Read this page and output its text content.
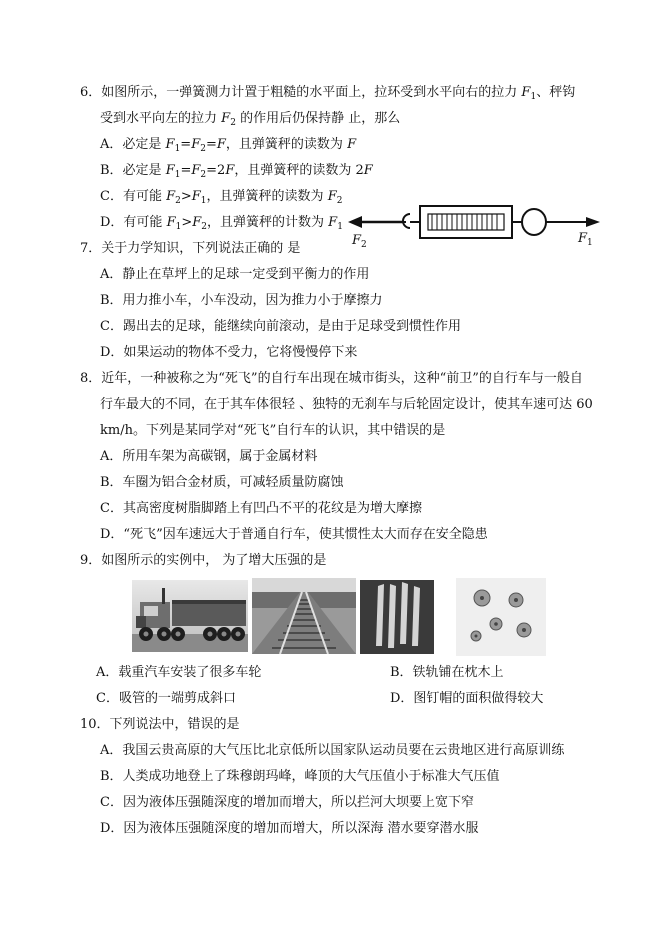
6．如图所示，一弹簧测力计置于粗糙的水平面上，拉环受到水平向右的拉力 $F_1$、秤钩
受到水平向左的拉力 $F_2$ 的作用后仍保持静 止，那么
A．必定是 $F_1=F_2=F$，且弹簧秤的读数为 F
B．必定是 $F_1=F_2=2F$，且弹簧秤的读数为 2F
C．有可能 $F_2>F_1$，且弹簧秤的读数为 $F_2$
D．有可能 $F_1>F_2$，且弹簧秤的计数为 $F_1$
$F_2$	$F_1$
7．关于力学知识，下列说法正确的 是
A．静止在草坪上的足球一定受到平衡力的作用
B．用力推小车，小车没动，因为推力小于摩擦力
C．踢出去的足球，能继续向前滚动，是由于足球受到惯性作用
D．如果运动的物体不受力，它将慢慢停下来
8．近年，一种被称之为“死飞”的自行车出现在城市街头，这种“前卫”的自行车与一般自
行车最大的不同，在于其车体很轻 、独特的无刹车与后轮固定设计，使其车速可达 60
km/h。下列是某同学对“死飞”自行车的认识，其中错误的是
A．所用车架为高碳钢，属于金属材料
B．车圈为铝合金材质，可减轻质量防腐蚀
C．其高密度树脂脚踏上有凹凸不平的花纹是为增大摩擦
D．“死飞”因车速远大于普通自行车，使其惯性太大而存在安全隐患
9．如图所示的实例中， 为了增大压强的是
A．载重汽车安装了很多车轮	B．铁轨铺在枕木上
C．吸管的一端剪成斜口	D．图钉帽的面积做得较大
10．下列说法中，错误的是
A．我国云贵高原的大气压比北京低所以国家队运动员要在云贵地区进行高原训练
B．人类成功地登上了珠穆朗玛峰，峰顶的大气压值小于标准大气压值
C．因为液体压强随深度的增加而增大，所以拦河大坝要上宽下窄
D．因为液体压强随深度的增加而增大，所以深海 潜水要穿潜水服
